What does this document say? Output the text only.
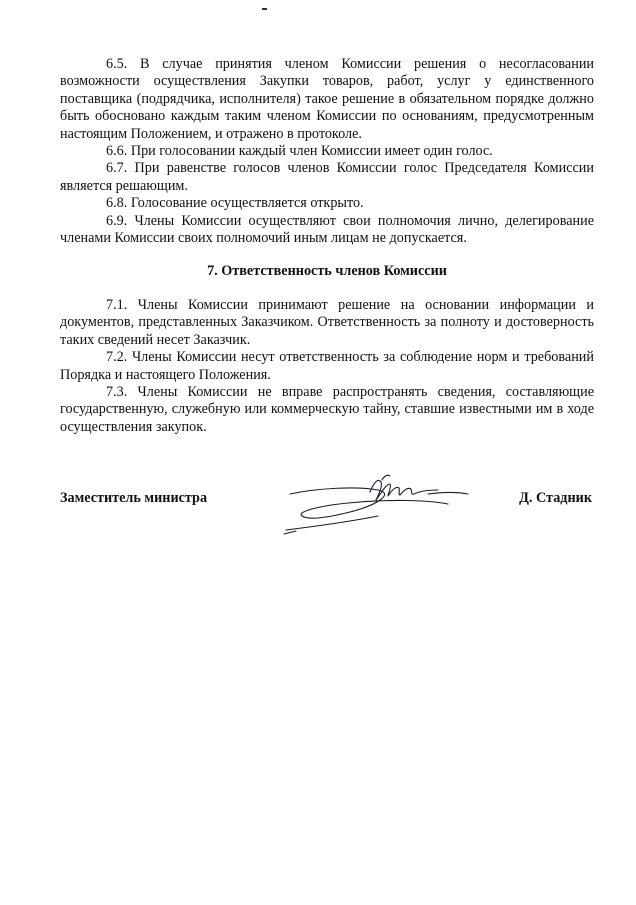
6.5. В случае принятия членом Комиссии решения о несогласовании возможности осуществления Закупки товаров, работ, услуг у единственного поставщика (подрядчика, исполнителя) такое решение в обязательном порядке должно быть обосновано каждым таким членом Комиссии по основаниям, предусмотренным настоящим Положением, и отражено в протоколе.

6.6. При голосовании каждый член Комиссии имеет один голос.

6.7. При равенстве голосов членов Комиссии голос Председателя Комиссии является решающим.

6.8. Голосование осуществляется открыто.

6.9. Члены Комиссии осуществляют свои полномочия лично, делегирование членами Комиссии своих полномочий иным лицам не допускается.

7. Ответственность членов Комиссии

7.1. Члены Комиссии принимают решение на основании информации и документов, представленных Заказчиком. Ответственность за полноту и достоверность таких сведений несет Заказчик.

7.2. Члены Комиссии несут ответственность за соблюдение норм и требований Порядка и настоящего Положения.

7.3. Члены Комиссии не вправе распространять сведения, составляющие государственную, служебную или коммерческую тайну, ставшие известными им в ходе осуществления закупок.

Заместитель министра	Д. Стадник
